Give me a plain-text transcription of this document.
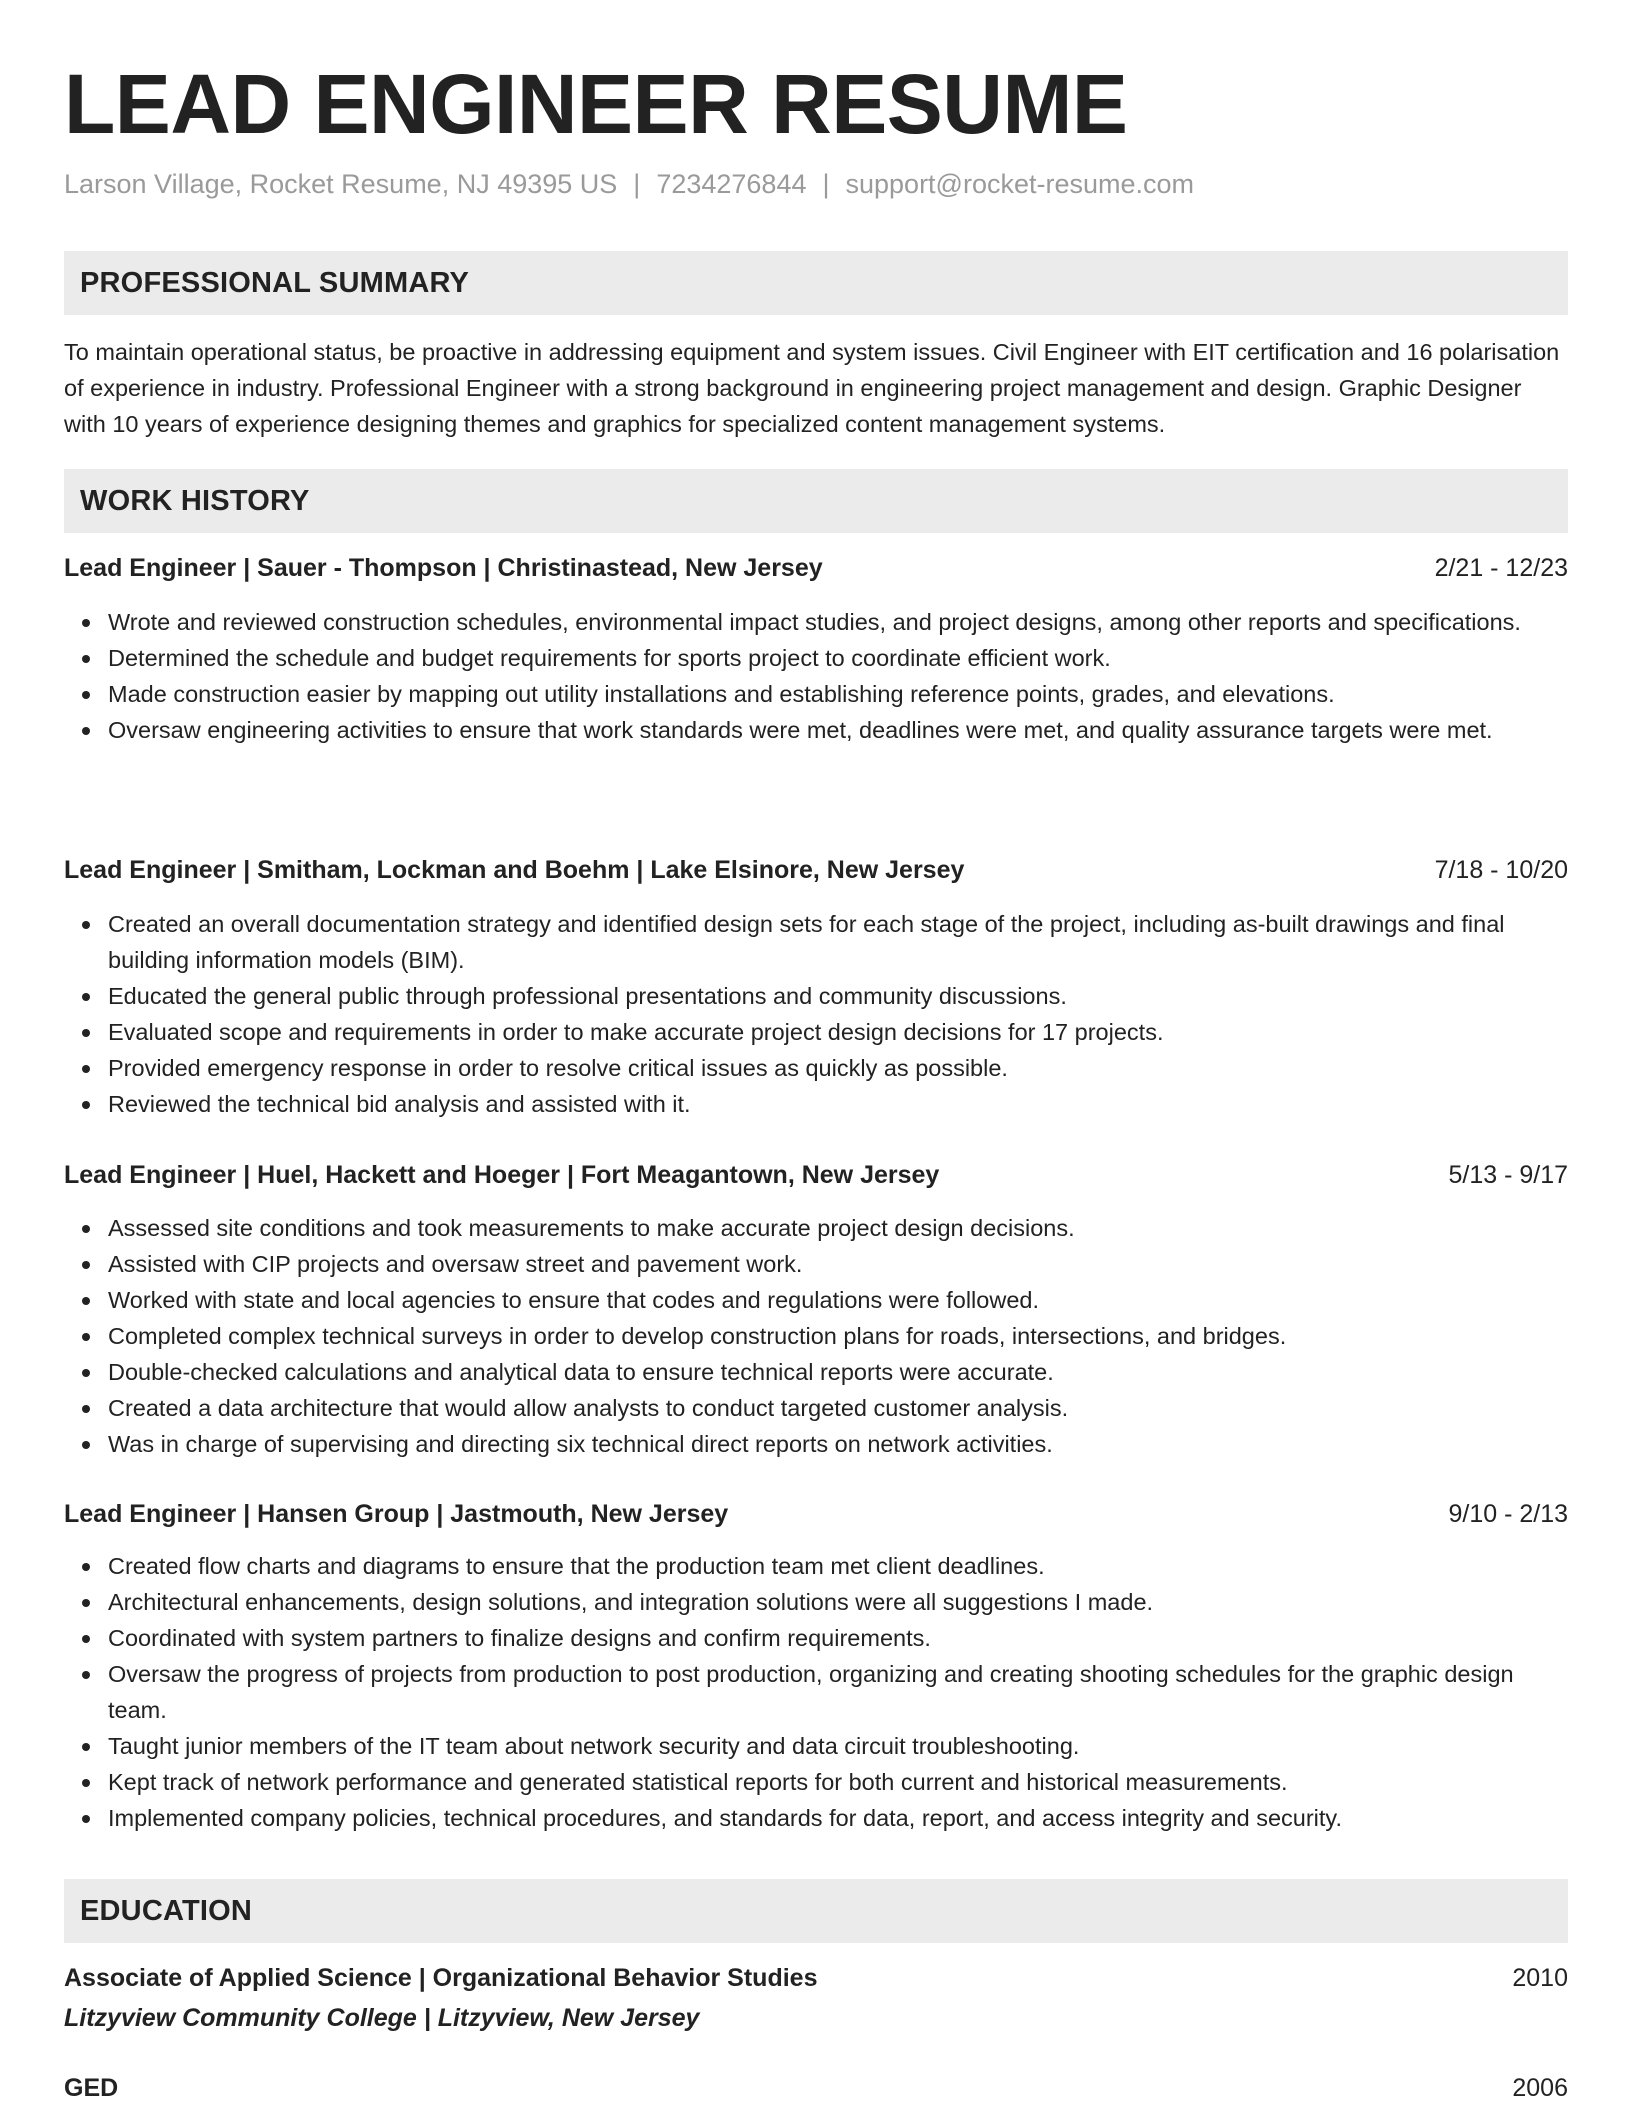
LEAD ENGINEER RESUME
Larson Village, Rocket Resume, NJ 49395 US | 7234276844 | support@rocket-resume.com
PROFESSIONAL SUMMARY
To maintain operational status, be proactive in addressing equipment and system issues. Civil Engineer with EIT certification and 16 polarisation of experience in industry. Professional Engineer with a strong background in engineering project management and design. Graphic Designer with 10 years of experience designing themes and graphics for specialized content management systems.
WORK HISTORY
Lead Engineer | Sauer - Thompson | Christinastead, New Jersey	2/21 - 12/23
Wrote and reviewed construction schedules, environmental impact studies, and project designs, among other reports and specifications.
Determined the schedule and budget requirements for sports project to coordinate efficient work.
Made construction easier by mapping out utility installations and establishing reference points, grades, and elevations.
Oversaw engineering activities to ensure that work standards were met, deadlines were met, and quality assurance targets were met.
Lead Engineer | Smitham, Lockman and Boehm | Lake Elsinore, New Jersey	7/18 - 10/20
Created an overall documentation strategy and identified design sets for each stage of the project, including as-built drawings and final building information models (BIM).
Educated the general public through professional presentations and community discussions.
Evaluated scope and requirements in order to make accurate project design decisions for 17 projects.
Provided emergency response in order to resolve critical issues as quickly as possible.
Reviewed the technical bid analysis and assisted with it.
Lead Engineer | Huel, Hackett and Hoeger | Fort Meagantown, New Jersey	5/13 - 9/17
Assessed site conditions and took measurements to make accurate project design decisions.
Assisted with CIP projects and oversaw street and pavement work.
Worked with state and local agencies to ensure that codes and regulations were followed.
Completed complex technical surveys in order to develop construction plans for roads, intersections, and bridges.
Double-checked calculations and analytical data to ensure technical reports were accurate.
Created a data architecture that would allow analysts to conduct targeted customer analysis.
Was in charge of supervising and directing six technical direct reports on network activities.
Lead Engineer | Hansen Group | Jastmouth, New Jersey	9/10 - 2/13
Created flow charts and diagrams to ensure that the production team met client deadlines.
Architectural enhancements, design solutions, and integration solutions were all suggestions I made.
Coordinated with system partners to finalize designs and confirm requirements.
Oversaw the progress of projects from production to post production, organizing and creating shooting schedules for the graphic design team.
Taught junior members of the IT team about network security and data circuit troubleshooting.
Kept track of network performance and generated statistical reports for both current and historical measurements.
Implemented company policies, technical procedures, and standards for data, report, and access integrity and security.
EDUCATION
Associate of Applied Science | Organizational Behavior Studies	2010
Litzyview Community College | Litzyview, New Jersey
GED	2006
